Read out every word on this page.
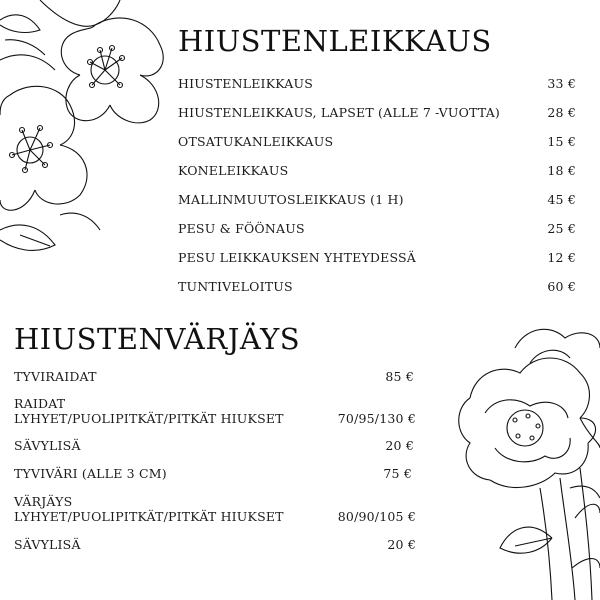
HIUSTENLEIKKAUS
HIUSTENLEIKKAUS	33 €
HIUSTENLEIKKAUS, LAPSET (ALLE 7 -VUOTTA)	28 €
OTSATUKANLEIKKAUS	15 €
KONELEIKKAUS	18 €
MALLINMUUTOSLEIKKAUS (1 H)	45 €
PESU & FÖÖNAUS	25 €
PESU LEIKKAUKSEN YHTEYDESSÄ	12 €
TUNTIVELOITUS	60 €
HIUSTENVÄRJÄYS
TYVIRAIDAT	85 €
RAIDAT
LYHYET/PUOLIPITKÄT/PITKÄT HIUKSET	70/95/130 €
SÄVYLISÄ	20 €
TYVIVÄRI (ALLE 3 CM)	75 €
VÄRJÄYS
LYHYET/PUOLIPITKÄT/PITKÄT HIUKSET	80/90/105 €
SÄVYLISÄ	20 €
